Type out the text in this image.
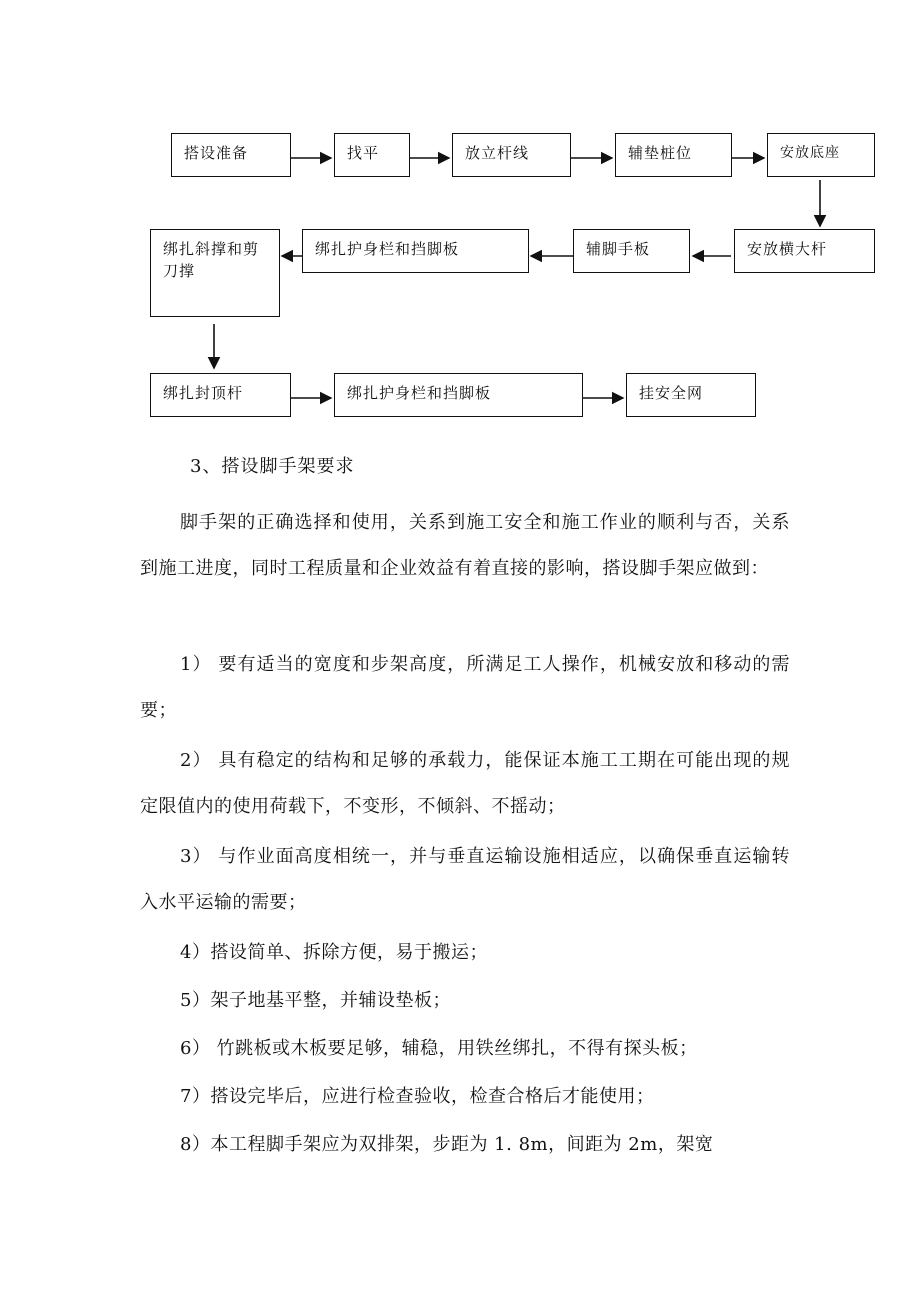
搭设准备	找平	放立杆线	辅垫桩位	安放底座
安放横大杆
辅脚手板
绑扎护身栏和挡脚板
绑扎斜撑和剪刀撑
绑扎封顶杆	绑扎护身栏和挡脚板	挂安全网

3、搭设脚手架要求

脚手架的正确选择和使用，关系到施工安全和施工作业的顺利与否，关系到施工进度，同时工程质量和企业效益有着直接的影响，搭设脚手架应做到：

1） 要有适当的宽度和步架高度，所满足工人操作，机械安放和移动的需要；

2） 具有稳定的结构和足够的承载力，能保证本施工工期在可能出现的规定限值内的使用荷载下，不变形，不倾斜、不摇动；

3） 与作业面高度相统一，并与垂直运输设施相适应，以确保垂直运输转入水平运输的需要；

4）搭设简单、拆除方便，易于搬运；

5）架子地基平整，并辅设垫板；

6） 竹跳板或木板要足够，辅稳，用铁丝绑扎，不得有探头板；

7）搭设完毕后，应进行检查验收，检查合格后才能使用；

8）本工程脚手架应为双排架，步距为 1. 8m，间距为 2m，架宽
